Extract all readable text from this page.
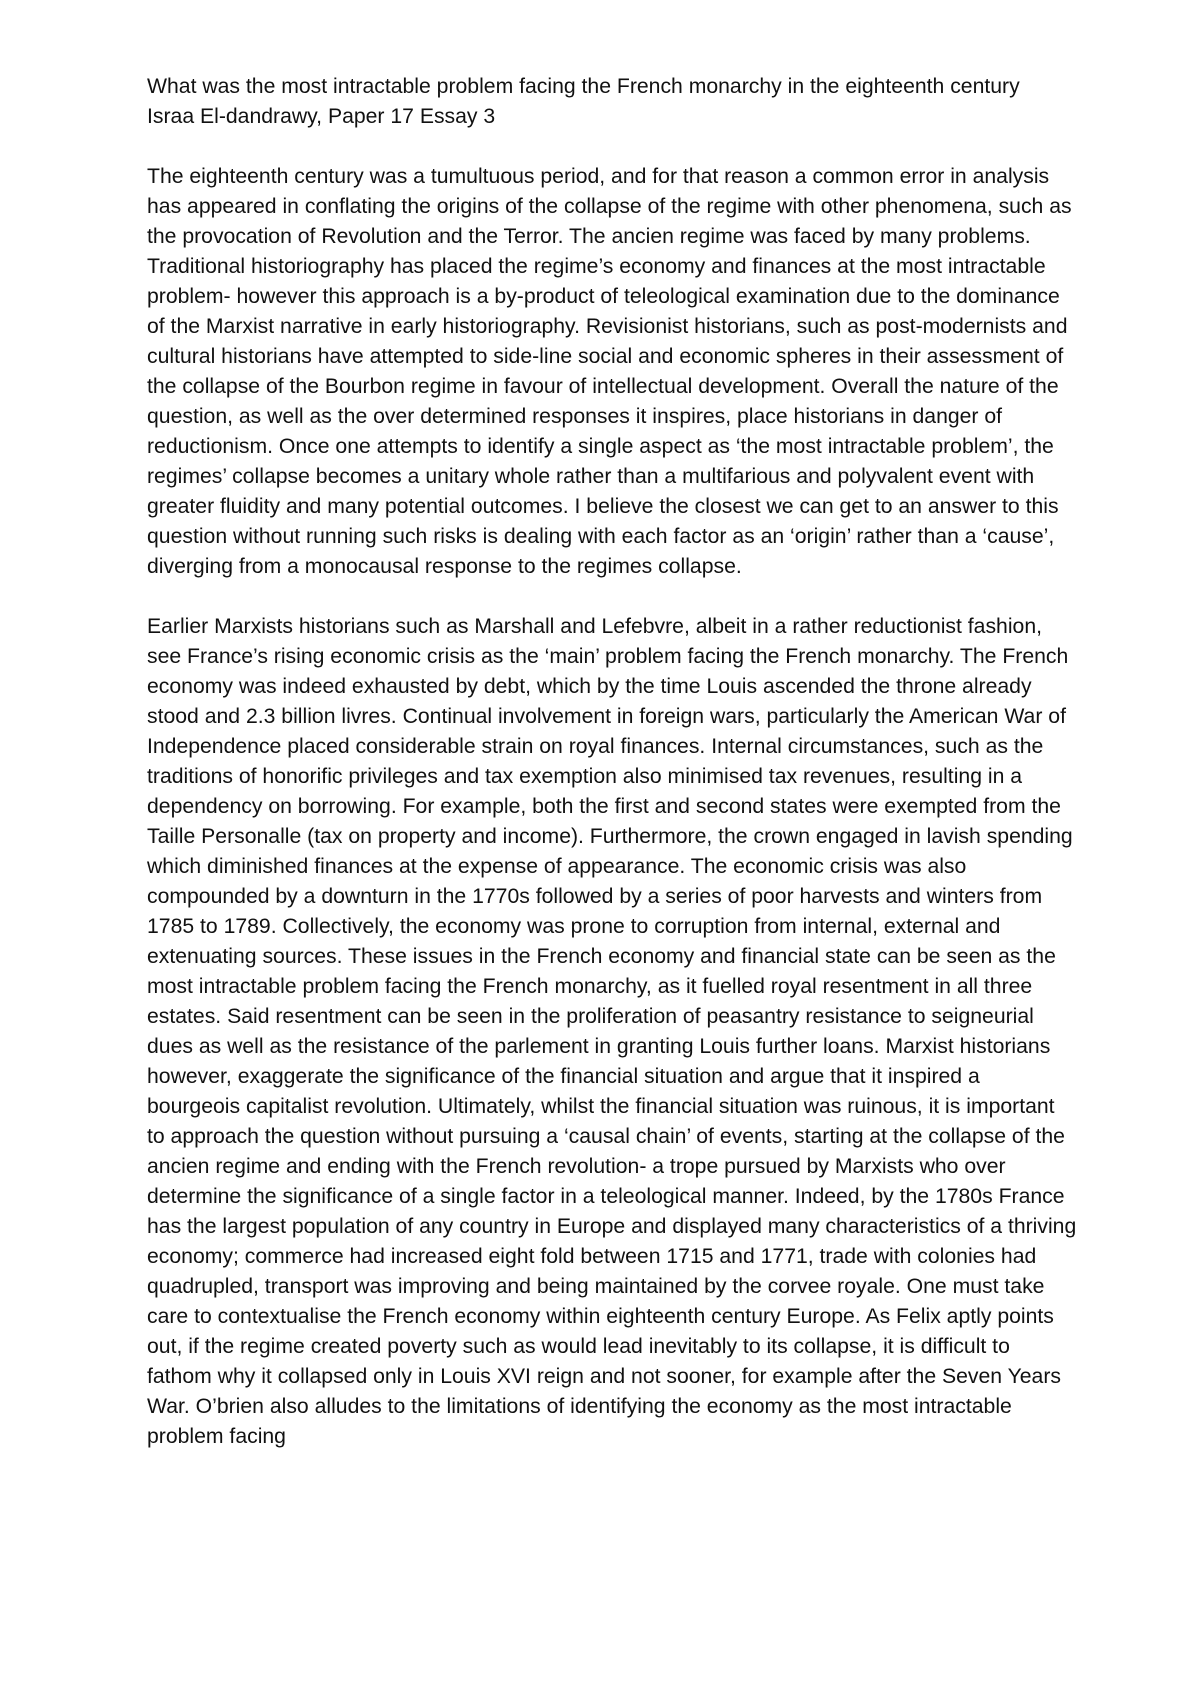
What was the most intractable problem facing the French monarchy in the eighteenth century

Israa El-dandrawy, Paper 17 Essay 3

The eighteenth century was a tumultuous period, and for that reason a common error in analysis has appeared in conflating the origins of the collapse of the regime with other phenomena, such as the provocation of Revolution and the Terror. The ancien regime was faced by many problems. Traditional historiography has placed the regime’s economy and finances at the most intractable problem- however this approach is a by-product of teleological examination due to the dominance of the Marxist narrative in early historiography. Revisionist historians, such as post-modernists and cultural historians have attempted to side-line social and economic spheres in their assessment of the collapse of the Bourbon regime in favour of intellectual development. Overall the nature of the question, as well as the over determined responses it inspires, place historians in danger of reductionism. Once one attempts to identify a single aspect as ‘the most intractable problem’, the regimes’ collapse becomes a unitary whole rather than a multifarious and polyvalent event with greater fluidity and many potential outcomes. I believe the closest we can get to an answer to this question without running such risks is dealing with each factor as an ‘origin’ rather than a ‘cause’, diverging from a monocausal response to the regimes collapse.

Earlier Marxists historians such as Marshall and Lefebvre, albeit in a rather reductionist fashion, see France’s rising economic crisis as the ‘main’ problem facing the French monarchy. The French economy was indeed exhausted by debt, which by the time Louis ascended the throne already stood and 2.3 billion livres. Continual involvement in foreign wars, particularly the American War of Independence placed considerable strain on royal finances. Internal circumstances, such as the traditions of honorific privileges and tax exemption also minimised tax revenues, resulting in a dependency on borrowing. For example, both the first and second states were exempted from the Taille Personalle (tax on property and income). Furthermore, the crown engaged in lavish spending which diminished finances at the expense of appearance. The economic crisis was also compounded by a downturn in the 1770s followed by a series of poor harvests and winters from 1785 to 1789. Collectively, the economy was prone to corruption from internal, external and extenuating sources. These issues in the French economy and financial state can be seen as the most intractable problem facing the French monarchy, as it fuelled royal resentment in all three estates. Said resentment can be seen in the proliferation of peasantry resistance to seigneurial dues as well as the resistance of the parlement in granting Louis further loans. Marxist historians however, exaggerate the significance of the financial situation and argue that it inspired a bourgeois capitalist revolution. Ultimately, whilst the financial situation was ruinous, it is important to approach the question without pursuing a ‘causal chain’ of events, starting at the collapse of the ancien regime and ending with the French revolution- a trope pursued by Marxists who over determine the significance of a single factor in a teleological manner. Indeed, by the 1780s France has the largest population of any country in Europe and displayed many characteristics of a thriving economy; commerce had increased eight fold between 1715 and 1771, trade with colonies had quadrupled, transport was improving and being maintained by the corvee royale. One must take care to contextualise the French economy within eighteenth century Europe. As Felix aptly points out, if the regime created poverty such as would lead inevitably to its collapse, it is difficult to fathom why it collapsed only in Louis XVI reign and not sooner, for example after the Seven Years War. O’brien also alludes to the limitations of identifying the economy as the most intractable problem facing
